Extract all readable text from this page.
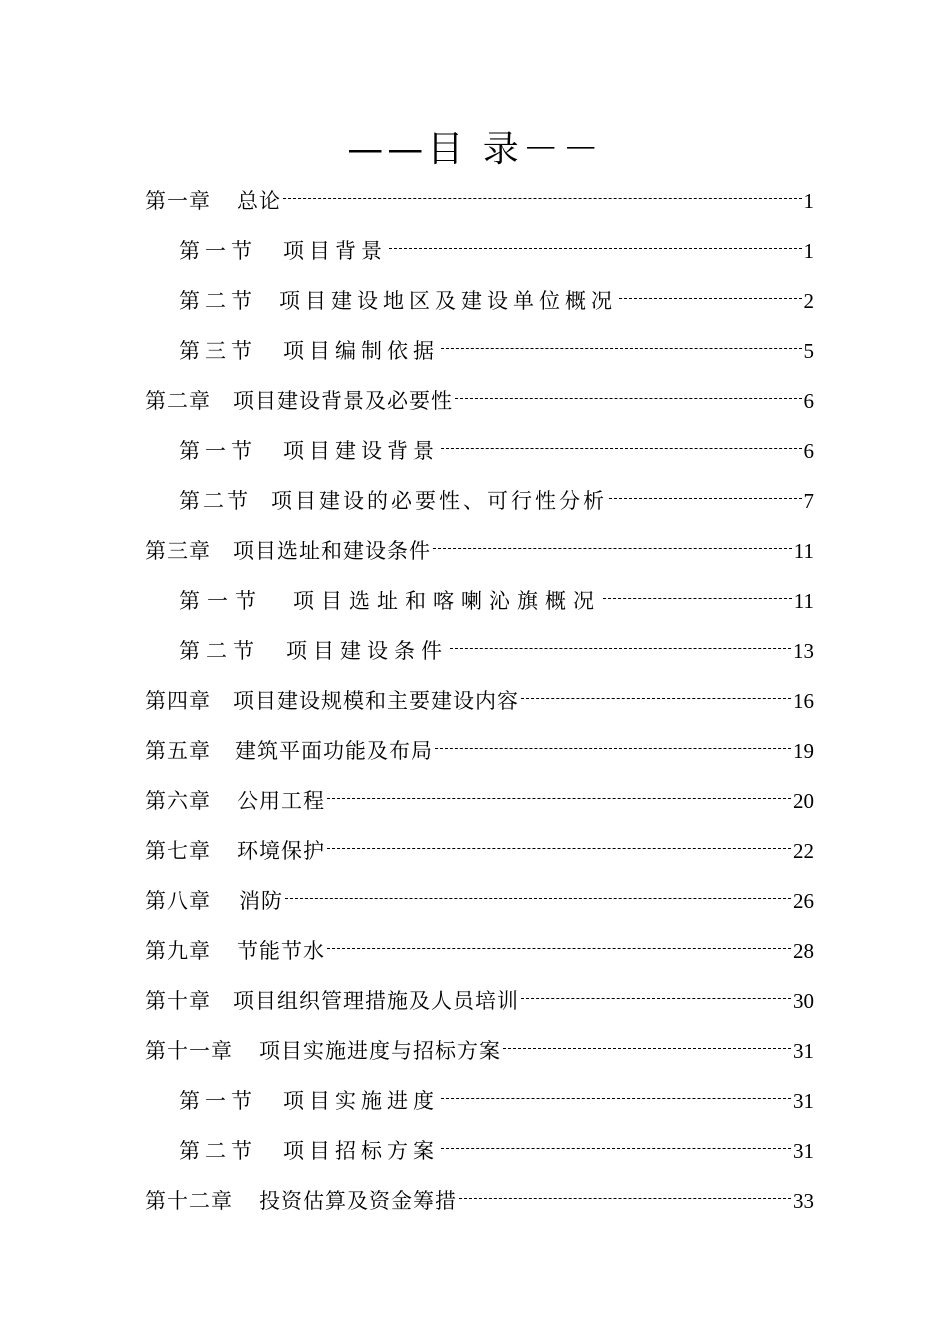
——目 录－－
第一章 总论	1
第一节 项目背景	1
第二节 项目建设地区及建设单位概况	2
第三节 项目编制依据	5
第二章 项目建设背景及必要性	6
第一节 项目建设背景	6
第二节 项目建设的必要性、可行性分析	7
第三章 项目选址和建设条件	11
第一节 项目选址和喀喇沁旗概况	11
第二节 项目建设条件	13
第四章 项目建设规模和主要建设内容	16
第五章 建筑平面功能及布局	19
第六章 公用工程	20
第七章 环境保护	22
第八章 消防	26
第九章 节能节水	28
第十章 项目组织管理措施及人员培训	30
第十一章 项目实施进度与招标方案	31
第一节 项目实施进度	31
第二节 项目招标方案	31
第十二章 投资估算及资金筹措	33
